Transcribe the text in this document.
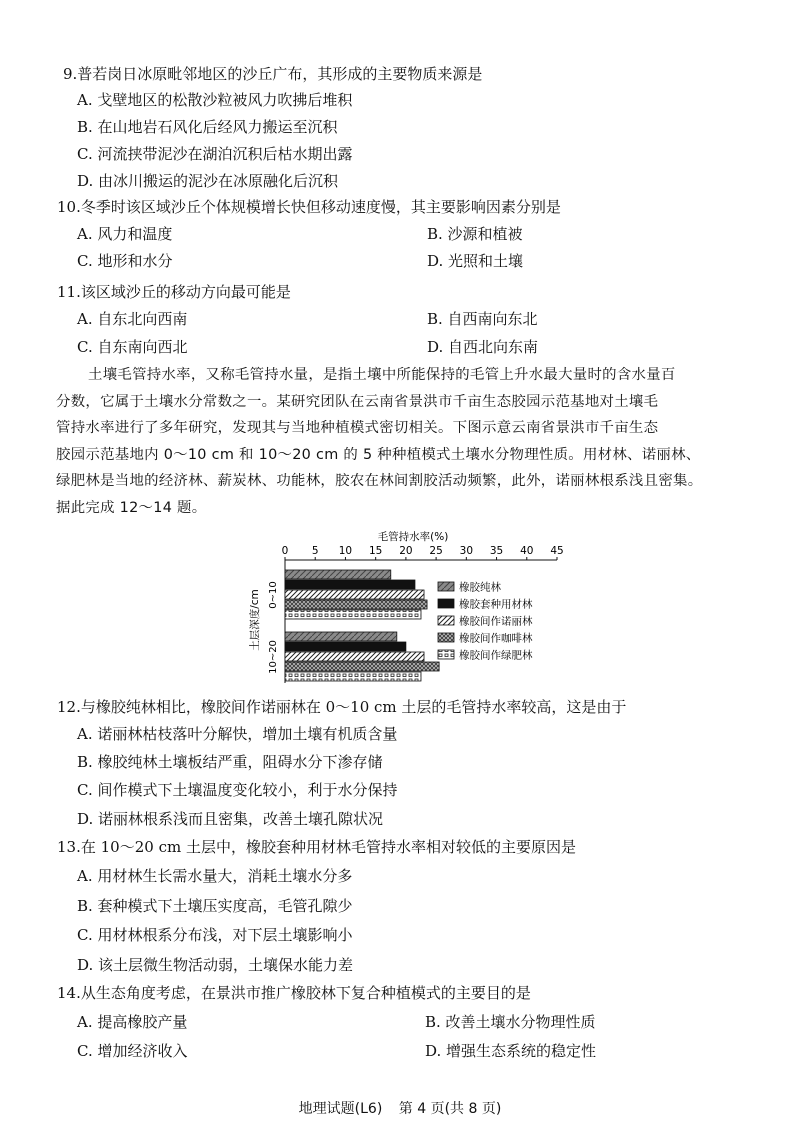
9.普若岗日冰原毗邻地区的沙丘广布，其形成的主要物质来源是
A. 戈壁地区的松散沙粒被风力吹拂后堆积
B. 在山地岩石风化后经风力搬运至沉积
C. 河流挟带泥沙在湖泊沉积后枯水期出露
D. 由冰川搬运的泥沙在冰原融化后沉积
10.冬季时该区域沙丘个体规模增长快但移动速度慢，其主要影响因素分别是
A. 风力和温度	B. 沙源和植被
C. 地形和水分	D. 光照和土壤
11.该区域沙丘的移动方向最可能是
A. 自东北向西南	B. 自西南向东北
C. 自东南向西北	D. 自西北向东南

土壤毛管持水率，又称毛管持水量，是指土壤中所能保持的毛管上升水最大量时的含水量百

分数，它属于土壤水分常数之一。某研究团队在云南省景洪市千亩生态胶园示范基地对土壤毛

管持水率进行了多年研究，发现其与当地种植模式密切相关。下图示意云南省景洪市千亩生态

胶园示范基地内 0～10 cm 和 10～20 cm 的 5 种种植模式土壤水分物理性质。用材林、诺丽林、

绿肥林是当地的经济林、薪炭林、功能林，胶农在林间割胶活动频繁，此外，诺丽林根系浅且密集。

据此完成 12～14 题。

毛管持水率(%)
土层深度/cm
0 5 10 15 20 25 30 35 40 45
0~10
10~20
橡胶纯林
橡胶套种用材林
橡胶间作诺丽林
橡胶间作咖啡林
橡胶间作绿肥林
12.与橡胶纯林相比，橡胶间作诺丽林在 0～10 cm 土层的毛管持水率较高，这是由于
A. 诺丽林枯枝落叶分解快，增加土壤有机质含量
B. 橡胶纯林土壤板结严重，阻碍水分下渗存储
C. 间作模式下土壤温度变化较小，利于水分保持
D. 诺丽林根系浅而且密集，改善土壤孔隙状况
13.在 10～20 cm 土层中，橡胶套种用材林毛管持水率相对较低的主要原因是
A. 用材林生长需水量大，消耗土壤水分多
B. 套种模式下土壤压实度高，毛管孔隙少
C. 用材林根系分布浅，对下层土壤影响小
D. 该土层微生物活动弱，土壤保水能力差
14.从生态角度考虑，在景洪市推广橡胶林下复合种植模式的主要目的是
A. 提高橡胶产量	B. 改善土壤水分物理性质
C. 增加经济收入	D. 增强生态系统的稳定性
地理试题(L6) 第 4 页(共 8 页)
